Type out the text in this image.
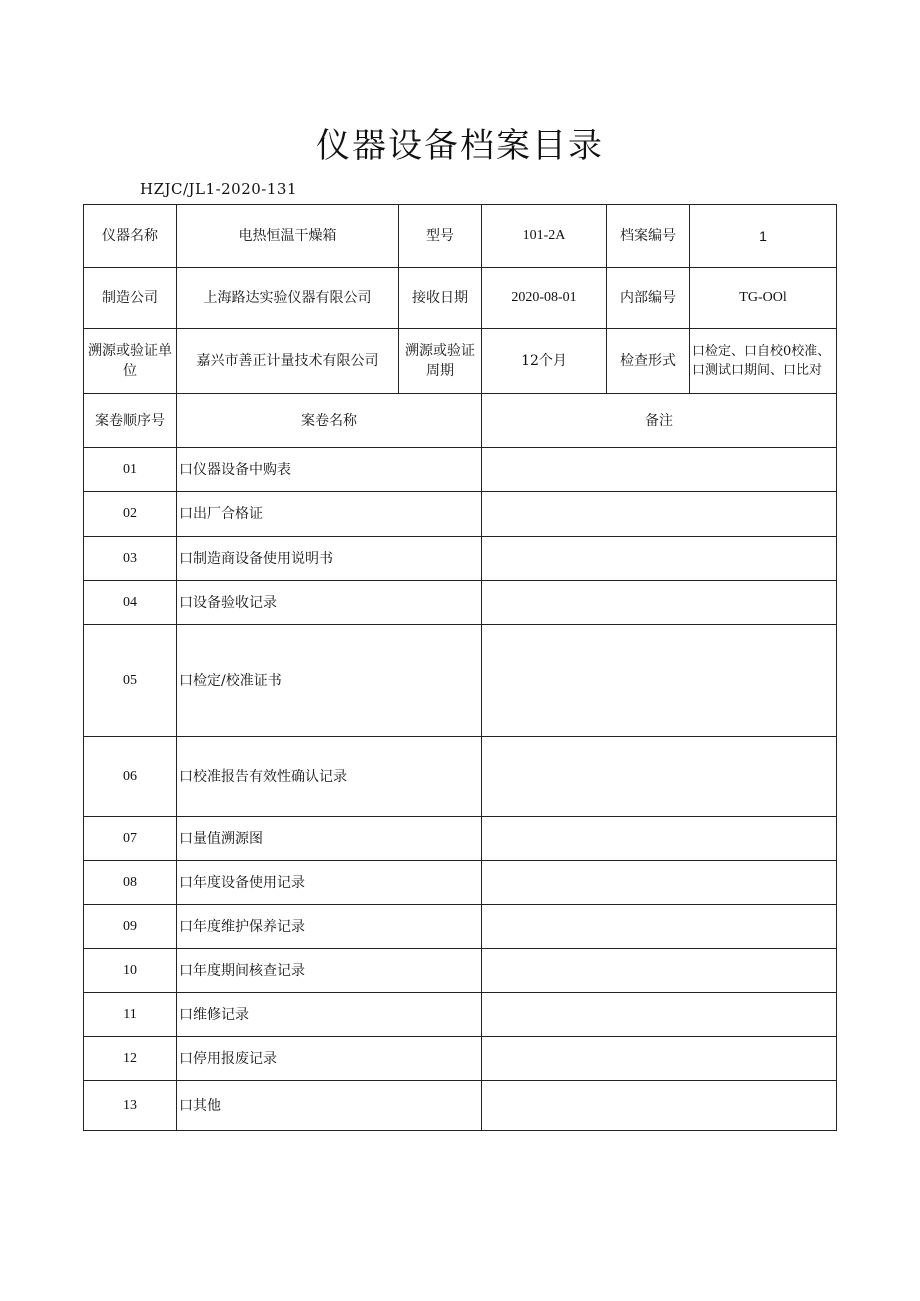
仪器设备档案目录
HZJC/JL1-2020-131
仪器名称	电热恒温干燥箱	型号	101-2A	档案编号	1
制造公司	上海路达实验仪器有限公司	接收日期	2020-08-01	内部编号	TG-OOl
溯源或验证单位	嘉兴市善正计量技术有限公司	溯源或验证周期	12个月	检查形式	口检定、口自校0校准、口测试口期间、口比对
案卷顺序号	案卷名称		备注		
01	口仪器设备中购表				
02	口出厂合格证				
03	口制造商设备使用说明书				
04	口设备验收记录				
05	口检定/校准证书				
06	口校准报告有效性确认记录				
07	口量值溯源图				
08	口年度设备使用记录				
09	口年度维护保养记录				
10	口年度期间核查记录				
11	口维修记录				
12	口停用报废记录				
13	口其他				
